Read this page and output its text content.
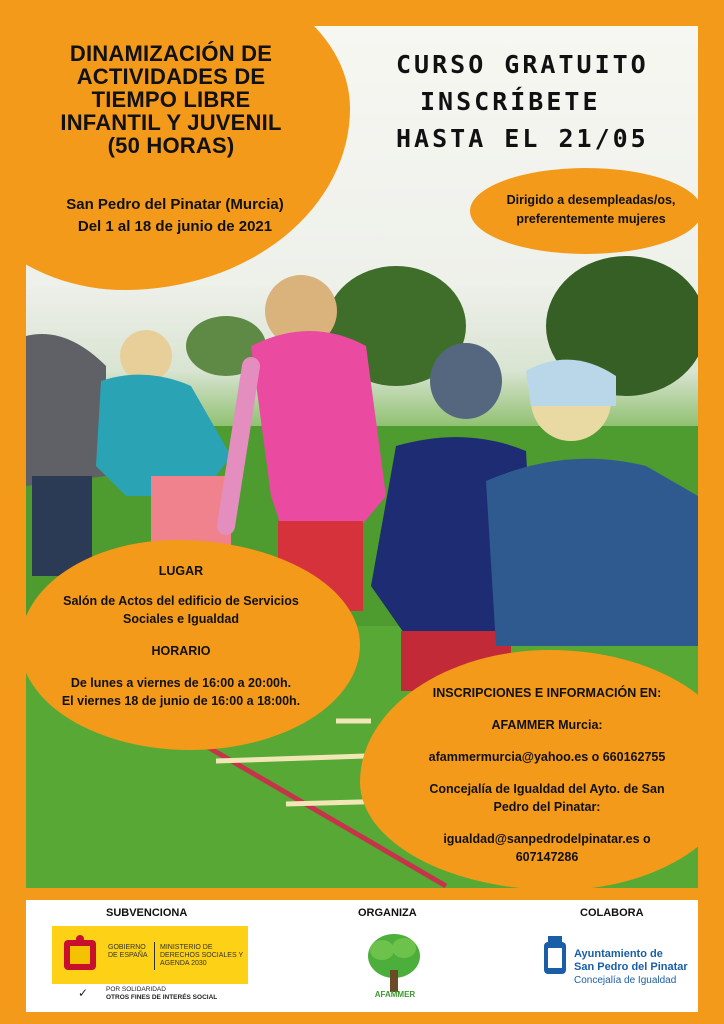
DINAMIZACIÓN DE
ACTIVIDADES DE
TIEMPO LIBRE
INFANTIL Y JUVENIL
(50 HORAS)
San Pedro del Pinatar (Murcia)
Del 1 al 18 de junio de 2021
CURSO GRATUITO
INSCRÍBETE
HASTA EL 21/05
Dirigido a desempleadas/os,
preferentemente mujeres
LUGAR
Salón de Actos del edificio de Servicios
Sociales e Igualdad
HORARIO
De lunes a viernes de 16:00 a 20:00h.
El viernes 18 de junio de 16:00 a 18:00h.
INSCRIPCIONES E INFORMACIÓN EN:
AFAMMER Murcia:
afammermurcia@yahoo.es o 660162755
Concejalía de Igualdad del Ayto. de San
Pedro del Pinatar:
igualdad@sanpedrodelpinatar.es o
607147286
SUBVENCIONA	ORGANIZA	COLABORA
GOBIERNO DE ESPAÑA
MINISTERIO DE DERECHOS SOCIALES Y AGENDA 2030
✓	POR SOLIDARIDAD
OTROS FINES DE INTERÉS SOCIAL	AFAMMER
Ayuntamiento de
San Pedro del Pinatar
Concejalía de Igualdad
